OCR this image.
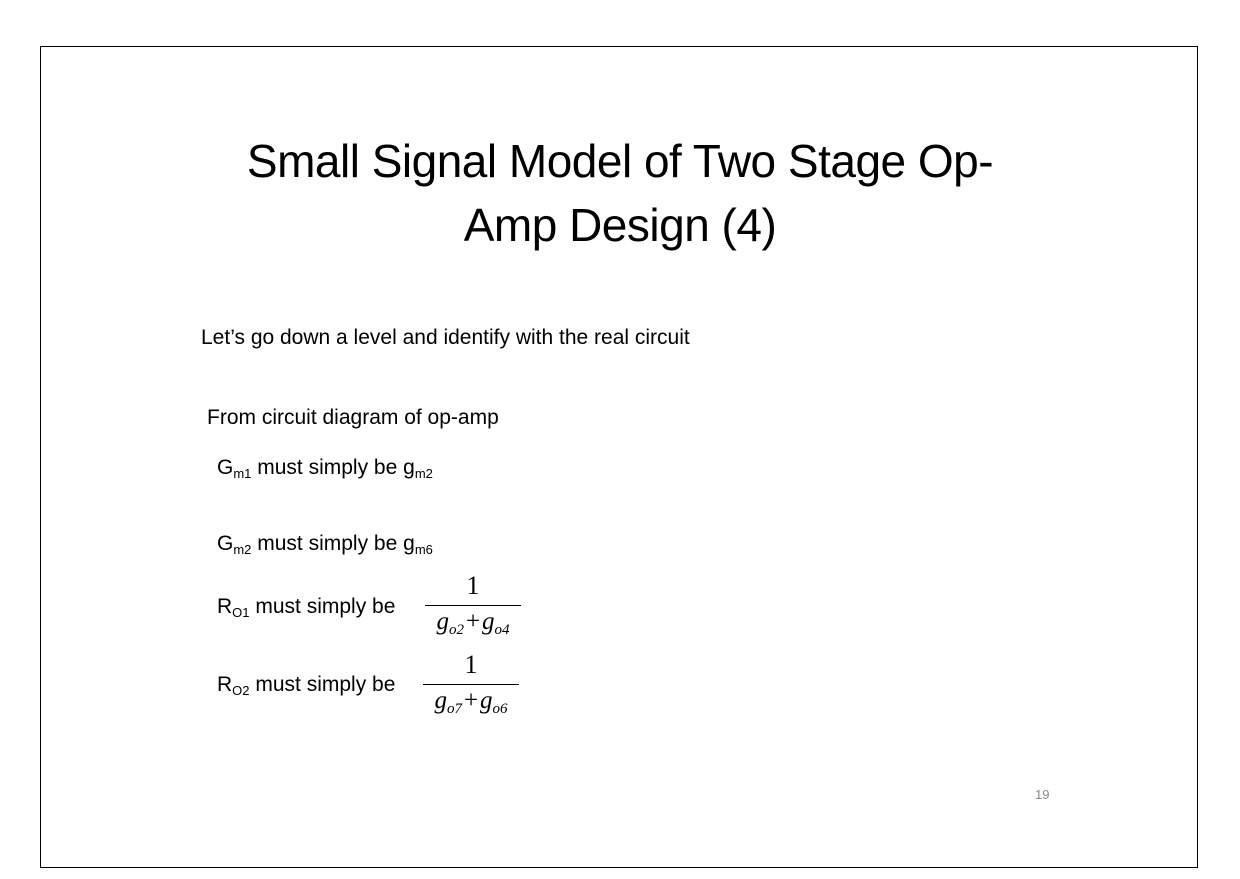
Small Signal Model of Two Stage Op-
Amp Design (4)
Let’s go down a level and identify with the real circuit
From circuit diagram of op-amp
$G_{m1}$ must simply be $g_{m2}$
$G_{m2}$ must simply be $g_{m6}$
$R_{O1}$ must simply be
1
$g_{o2}+g_{o4}$
$R_{O2}$ must simply be
1
$g_{o7}+g_{o6}$
19
